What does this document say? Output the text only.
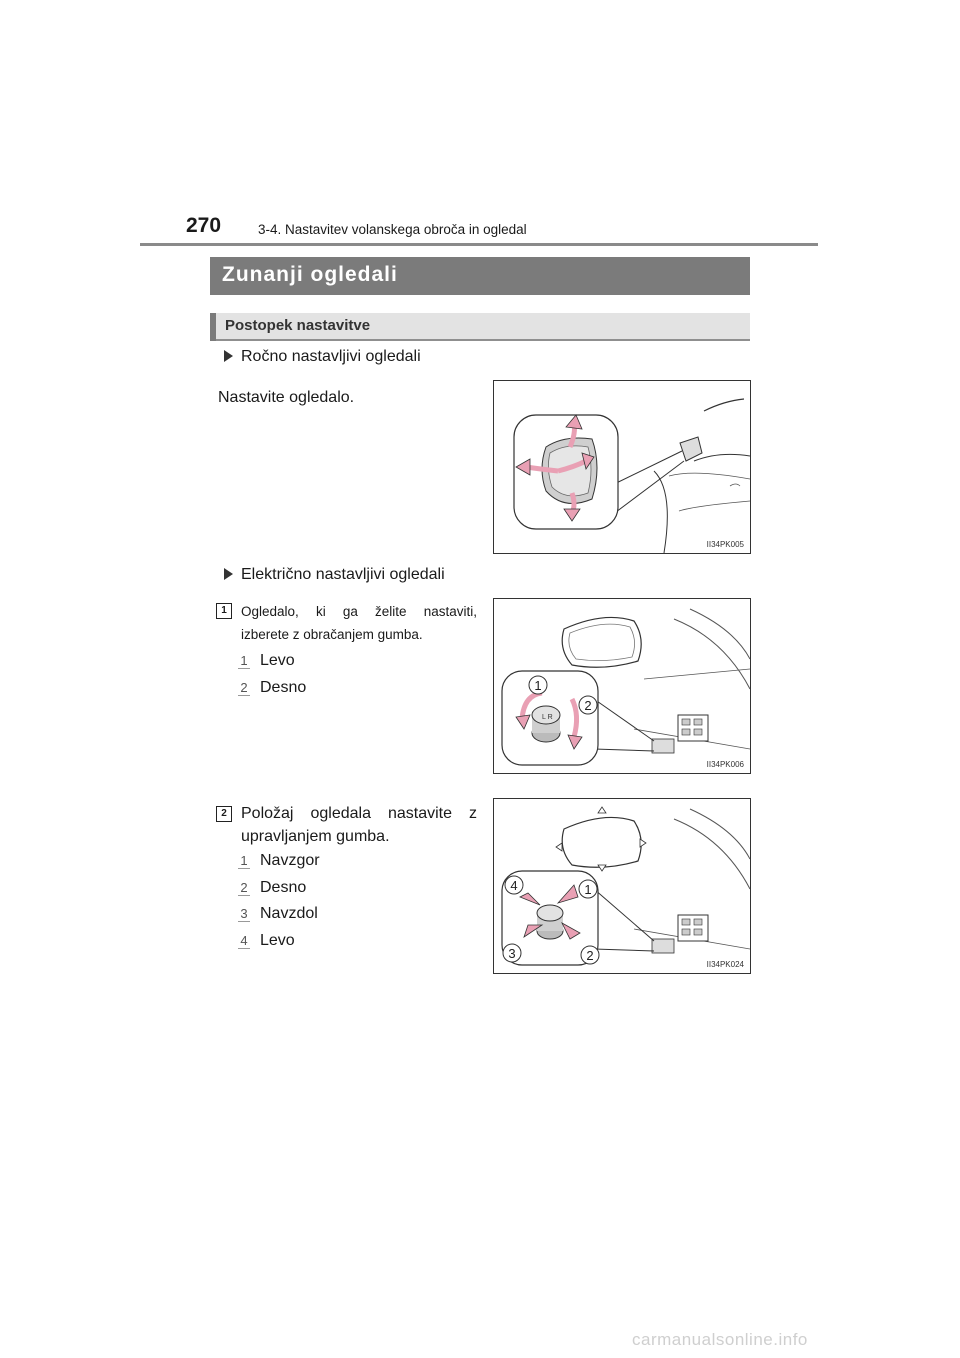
270	3-4. Nastavitev volanskega obroča in ogledal
Zunanji ogledali
Postopek nastavitve
Ročno nastavljivi ogledali
Nastavite ogledalo.
II34PK005
Električno nastavljivi ogledali
1	Ogledalo, ki ga želite nastaviti,
izberete z obračanjem gumba.
1 Levo
2 Desno
L R
1
2
II34PK006
2 Položaj ogledala nastavite z
upravljanjem gumba.
1 Navzgor
2 Desno
3 Navzdol
4 Levo
1
2
3
4
II34PK024
carmanualsonline.info
